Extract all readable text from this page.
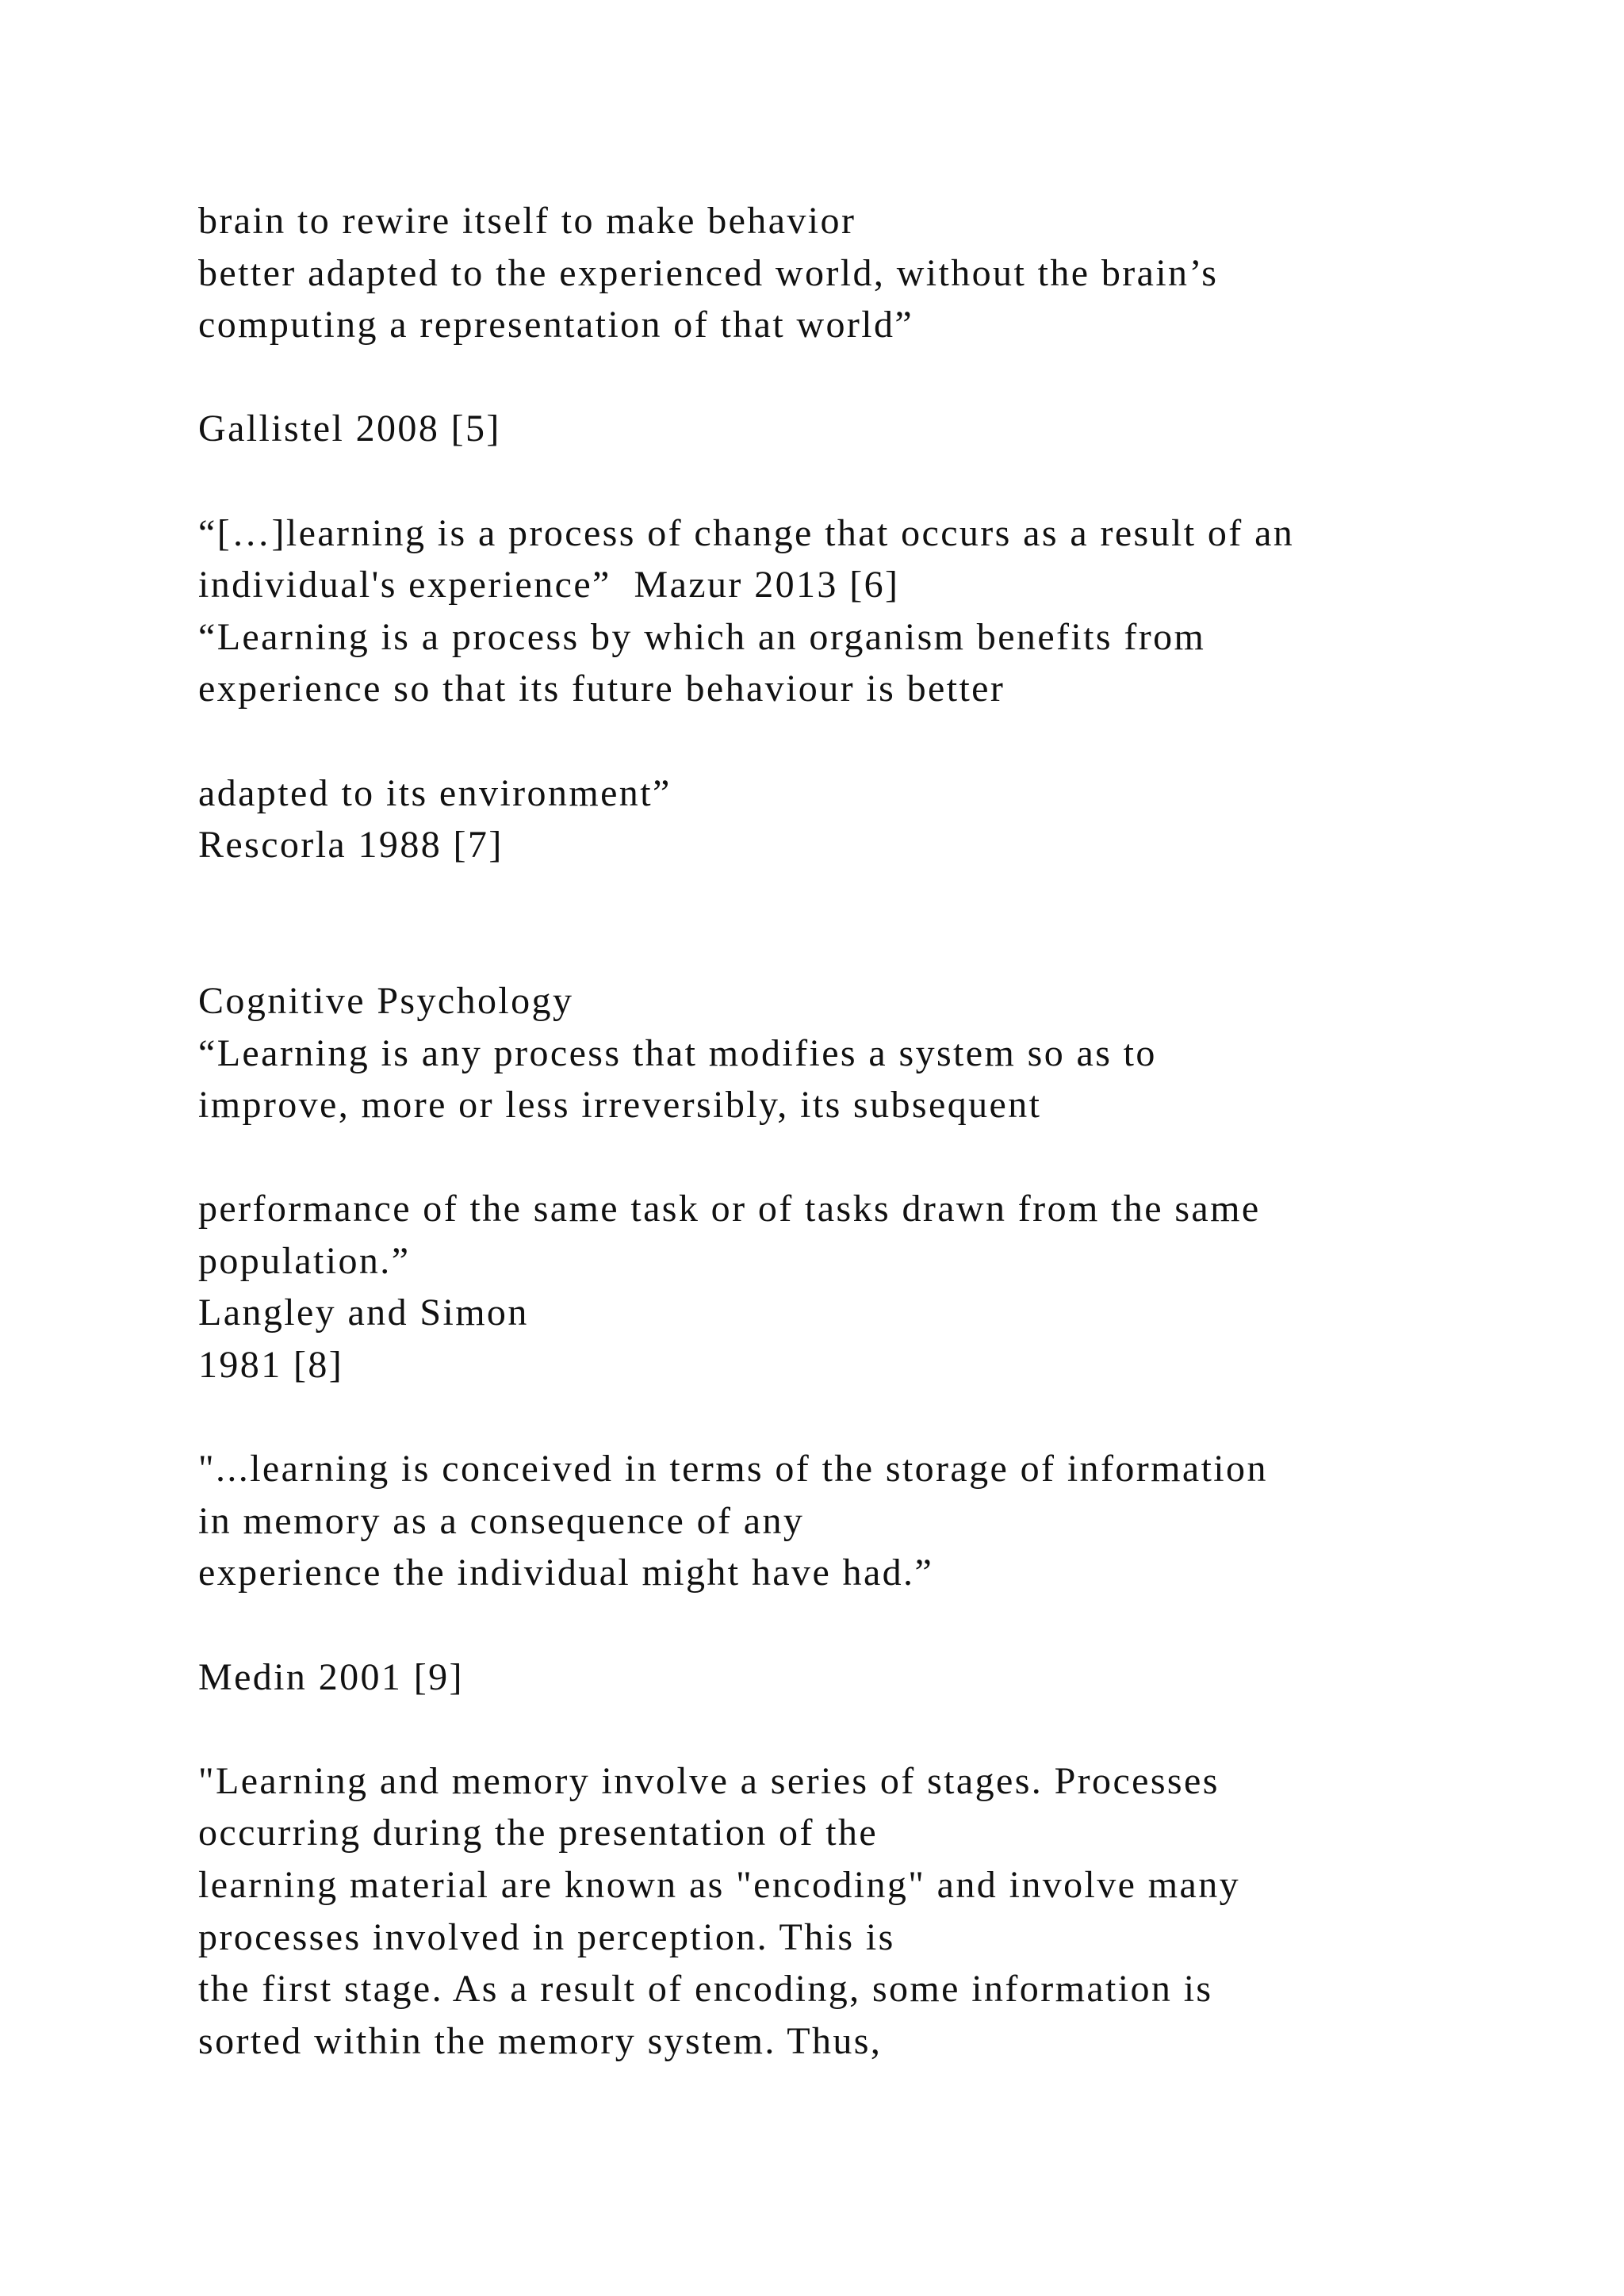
brain to rewire itself to make behavior
better adapted to the experienced world, without the brain’s
computing a representation of that world”
Gallistel 2008 [5]
“[…]learning is a process of change that occurs as a result of an
individual's experience”  Mazur 2013 [6]
“Learning is a process by which an organism benefits from
experience so that its future behaviour is better
adapted to its environment”
Rescorla 1988 [7]
Cognitive Psychology
“Learning is any process that modifies a system so as to
improve, more or less irreversibly, its subsequent
performance of the same task or of tasks drawn from the same
population.”
Langley and Simon
1981 [8]
"...learning is conceived in terms of the storage of information
in memory as a consequence of any
experience the individual might have had.”
Medin 2001 [9]
"Learning and memory involve a series of stages. Processes
occurring during the presentation of the
learning material are known as "encoding" and involve many
processes involved in perception. This is
the first stage. As a result of encoding, some information is
sorted within the memory system. Thus,
